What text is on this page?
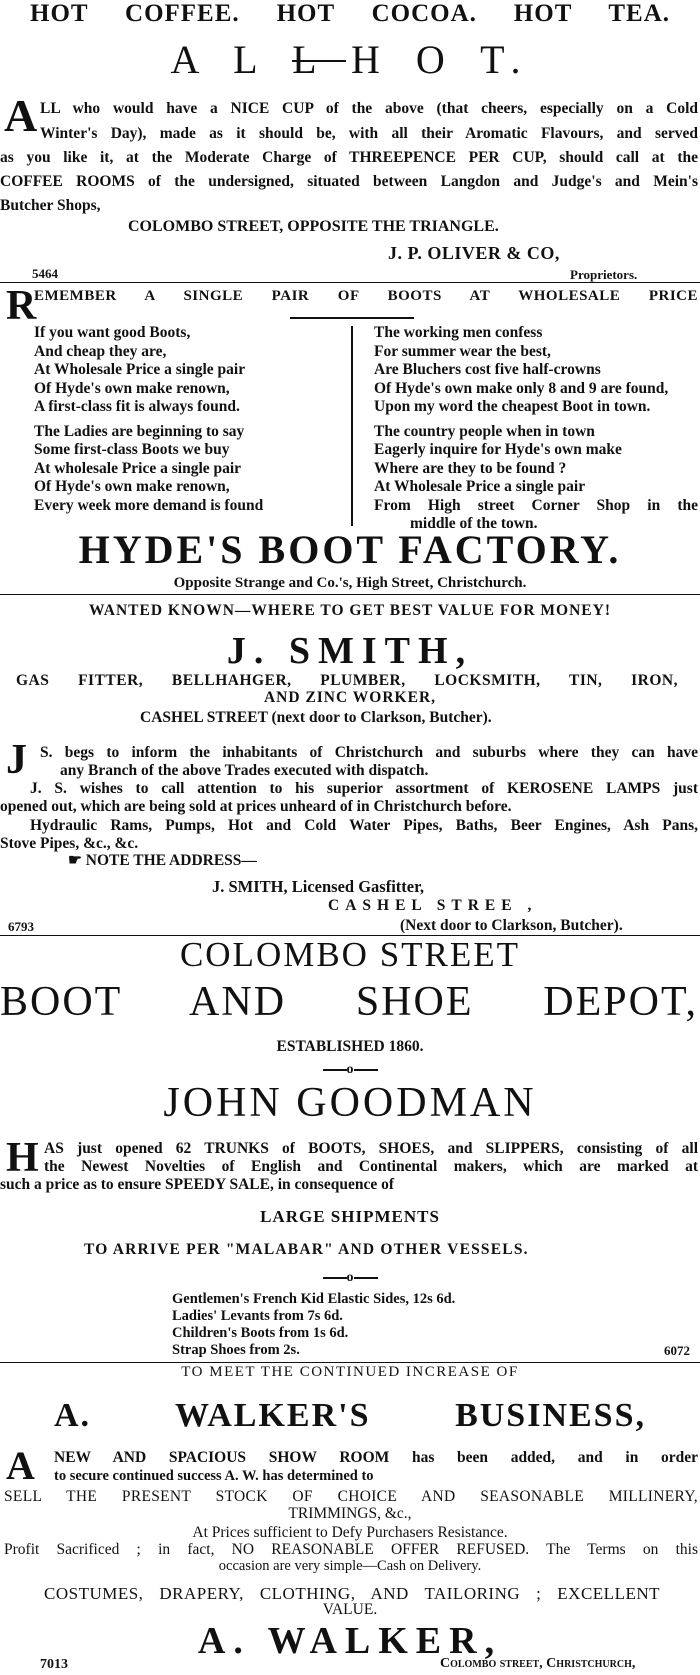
HOT COFFEE. HOT COCOA. HOT TEA.
A L L H O T.
A LL who would have a NICE CUP of the above (that cheers, especially on a Cold
Winter's Day), made as it should be, with all their Aromatic Flavours, and served
as you like it, at the Moderate Charge of THREEPENCE PER CUP, should call at the
COFFEE ROOMS of the undersigned, situated between Langdon and Judge's and Mein's
Butcher Shops,
COLOMBO STREET, OPPOSITE THE TRIANGLE.
J. P. OLIVER & CO,
5464	Proprietors.
R
EMEMBER A SINGLE PAIR OF BOOTS AT WHOLESALE PRICE
If you want good Boots,
And cheap they are,
At Wholesale Price a single pair
Of Hyde's own make renown,
A first-class fit is always found.
The Ladies are beginning to say
Some first-class Boots we buy
At wholesale Price a single pair
Of Hyde's own make renown,
Every week more demand is found
The working men confess
For summer wear the best,
Are Bluchers cost five half-crowns
Of Hyde's own make only 8 and 9 are found,
Upon my word the cheapest Boot in town.
The country people when in town
Eagerly inquire for Hyde's own make
Where are they to be found ?
At Wholesale Price a single pair
From High street Corner Shop in the
middle of the town.
HYDE'S BOOT FACTORY.
Opposite Strange and Co.'s, High Street, Christchurch.
WANTED KNOWN—WHERE TO GET BEST VALUE FOR MONEY!
J. SMITH,
GAS FITTER, BELLHAHGER, PLUMBER, LOCKSMITH, TIN, IRON,
AND ZINC WORKER,
CASHEL STREET (next door to Clarkson, Butcher).
J S. begs to inform the inhabitants of Christchurch and suburbs where they can have
any Branch of the above Trades executed with dispatch.
J. S. wishes to call attention to his superior assortment of KEROSENE LAMPS just
opened out, which are being sold at prices unheard of in Christchurch before.
Hydraulic Rams, Pumps, Hot and Cold Water Pipes, Baths, Beer Engines, Ash Pans,
Stove Pipes, &c., &c.
☛ NOTE THE ADDRESS—
J. SMITH, Licensed Gasfitter,
CASHEL STREE ,
6793	(Next door to Clarkson, Butcher).
COLOMBO STREET
BOOT AND SHOE DEPOT,
ESTABLISHED 1860.
o
JOHN GOODMAN
H AS just opened 62 TRUNKS of BOOTS, SHOES, and SLIPPERS, consisting of all
the Newest Novelties of English and Continental makers, which are marked at
such a price as to ensure SPEEDY SALE, in consequence of
LARGE SHIPMENTS
TO ARRIVE PER "MALABAR" AND OTHER VESSELS.
o
Gentlemen's French Kid Elastic Sides, 12s 6d.
Ladies' Levants from 7s 6d.
Children's Boots from 1s 6d.
Strap Shoes from 2s.	6072
TO MEET THE CONTINUED INCREASE OF
A. WALKER'S BUSINESS,
A NEW AND SPACIOUS SHOW ROOM has been added, and in order
to secure continued success A. W. has determined to
SELL THE PRESENT STOCK OF CHOICE AND SEASONABLE MILLINERY,
TRIMMINGS, &c.,
At Prices sufficient to Defy Purchasers Resistance.
Profit Sacrificed ; in fact, NO REASONABLE OFFER REFUSED. The Terms on this
occasion are very simple—Cash on Delivery.
COSTUMES, DRAPERY, CLOTHING, AND TAILORING ; EXCELLENT
VALUE.
A. WALKER,
7013	Colombo street, Christchurch,
